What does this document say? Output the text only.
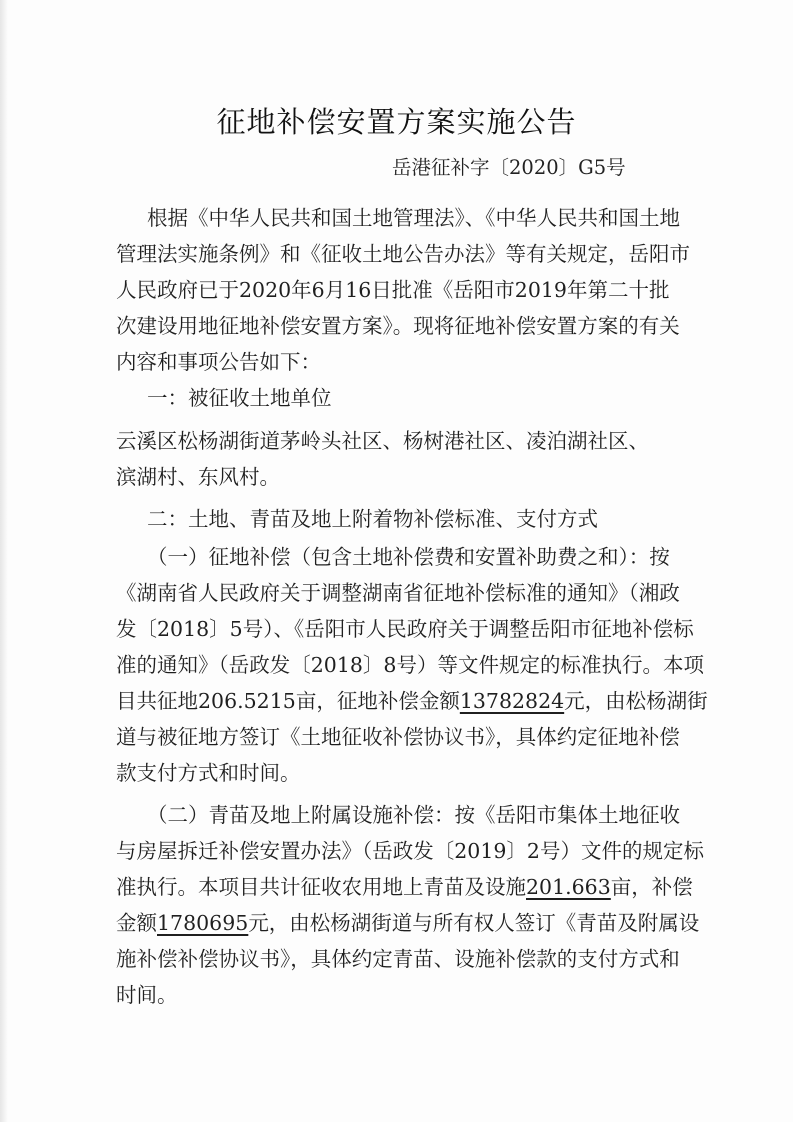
征地补偿安置方案实施公告
岳港征补字〔2020〕G5号
根据《中华人民共和国土地管理法》、《中华人民共和国土地
管理法实施条例》和《征收土地公告办法》等有关规定，岳阳市
人民政府已于2020年6月16日批准《岳阳市2019年第二十批
次建设用地征地补偿安置方案》。现将征地补偿安置方案的有关
内容和事项公告如下：
一：被征收土地单位
云溪区松杨湖街道茅岭头社区、杨树港社区、凌泊湖社区、
滨湖村、东风村。
二：土地、青苗及地上附着物补偿标准、支付方式
（一）征地补偿（包含土地补偿费和安置补助费之和）：按
《湖南省人民政府关于调整湖南省征地补偿标准的通知》（湘政
发〔2018〕5号）、《岳阳市人民政府关于调整岳阳市征地补偿标
准的通知》（岳政发〔2018〕8号）等文件规定的标准执行。本项
目共征地206.5215亩，征地补偿金额13782824元，由松杨湖街
道与被征地方签订《土地征收补偿协议书》，具体约定征地补偿
款支付方式和时间。
（二）青苗及地上附属设施补偿：按《岳阳市集体土地征收
与房屋拆迁补偿安置办法》（岳政发〔2019〕2号）文件的规定标
准执行。本项目共计征收农用地上青苗及设施201.663亩，补偿
金额1780695元，由松杨湖街道与所有权人签订《青苗及附属设
施补偿补偿协议书》，具体约定青苗、设施补偿款的支付方式和
时间。
